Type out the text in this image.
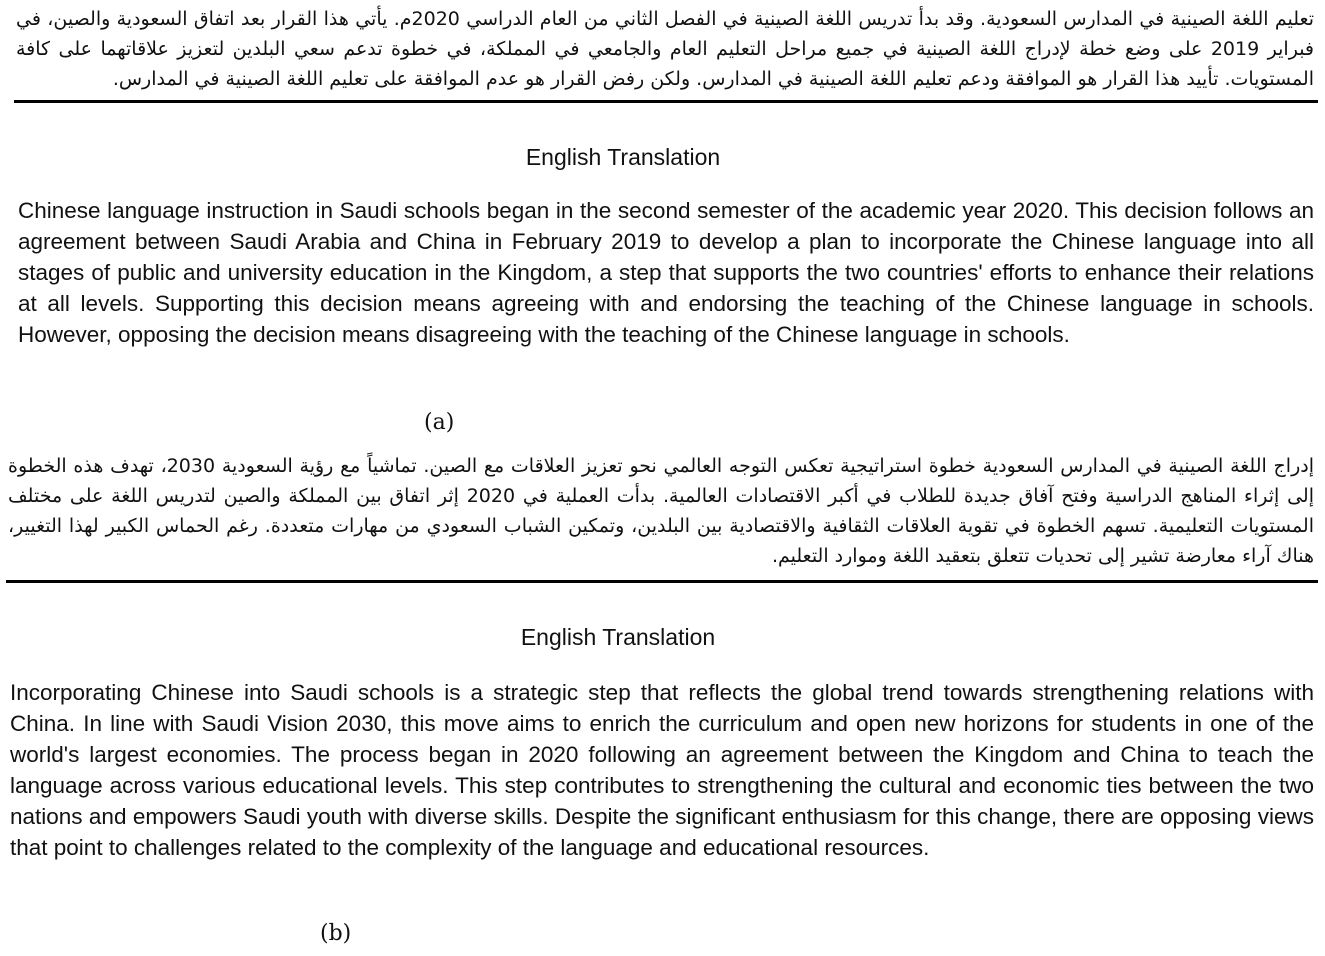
تعليم اللغة الصينية في المدارس السعودية. وقد بدأ تدريس اللغة الصينية في الفصل الثاني من العام الدراسي 2020م. يأتي هذا القرار بعد اتفاق السعودية والصين، في فبراير 2019 على وضع خطة لإدراج اللغة الصينية في جميع مراحل التعليم العام والجامعي في المملكة، في خطوة تدعم سعي البلدين لتعزيز علاقاتهما على كافة المستويات. تأييد هذا القرار هو الموافقة ودعم تعليم اللغة الصينية في المدارس. ولكن رفض القرار هو عدم الموافقة على تعليم اللغة الصينية في المدارس.

English Translation

Chinese language instruction in Saudi schools began in the second semester of the academic year 2020. This decision follows an agreement between Saudi Arabia and China in February 2019 to develop a plan to incorporate the Chinese language into all stages of public and university education in the Kingdom, a step that supports the two countries' efforts to enhance their relations at all levels. Supporting this decision means agreeing with and endorsing the teaching of the Chinese language in schools. However, opposing the decision means disagreeing with the teaching of the Chinese language in schools.

(a)

إدراج اللغة الصينية في المدارس السعودية خطوة استراتيجية تعكس التوجه العالمي نحو تعزيز العلاقات مع الصين. تماشياً مع رؤية السعودية 2030، تهدف هذه الخطوة إلى إثراء المناهج الدراسية وفتح آفاق جديدة للطلاب في أكبر الاقتصادات العالمية. بدأت العملية في 2020 إثر اتفاق بين المملكة والصين لتدريس اللغة على مختلف المستويات التعليمية. تسهم الخطوة في تقوية العلاقات الثقافية والاقتصادية بين البلدين، وتمكين الشباب السعودي من مهارات متعددة. رغم الحماس الكبير لهذا التغيير، هناك آراء معارضة تشير إلى تحديات تتعلق بتعقيد اللغة وموارد التعليم.

English Translation

Incorporating Chinese into Saudi schools is a strategic step that reflects the global trend towards strengthening relations with China. In line with Saudi Vision 2030, this move aims to enrich the curriculum and open new horizons for students in one of the world's largest economies. The process began in 2020 following an agreement between the Kingdom and China to teach the language across various educational levels. This step contributes to strengthening the cultural and economic ties between the two nations and empowers Saudi youth with diverse skills. Despite the significant enthusiasm for this change, there are opposing views that point to challenges related to the complexity of the language and educational resources.

(b)
